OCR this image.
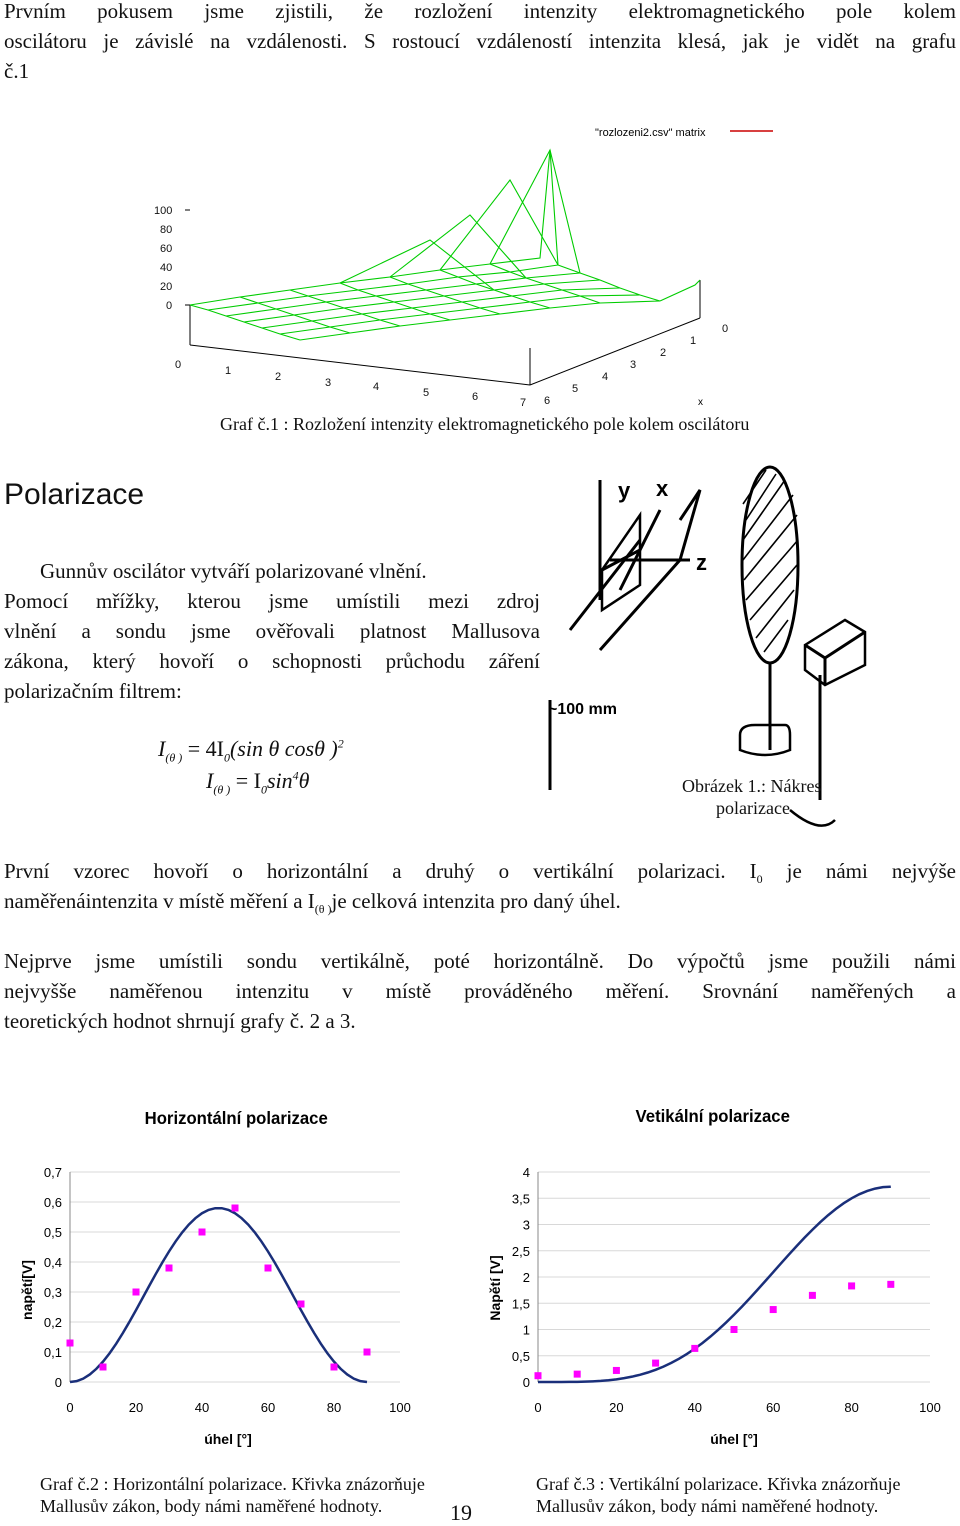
Prvním pokusem jsme zjistili, že rozložení intenzity elektromagnetického pole kolem
oscilátoru je závislé na vzdálenosti. S rostoucí vzdáleností intenzita klesá, jak je vidět na grafu
č.1
"rozlozeni2.csv" matrix
100
80
60
40
20
0
0	1	2	3	4	5	6	7
0
1
2
3
4
5
6	x
Graf č.1 : Rozložení intenzity elektromagnetického pole kolem oscilátoru
Polarizace
Gunnův oscilátor vytváří polarizované vlnění.
Pomocí mřížky, kterou jsme umístili mezi zdroj
vlnění a sondu jsme ověřovali platnost Mallusova
zákona, který hovoří o schopnosti průchodu záření
polarizačním filtrem:
$I_{(\theta )} = 4I_0(\sin$ θ cosθ )$^2$
$I_{(\theta )} = I_0\sin^4\theta$
y x
z
~100 mm
Obrázek 1.: Nákres
polarizace
První vzorec hovoří o horizontální a druhý o vertikální polarizaci. $I_0$ je námi nejvýše
naměřenáintenzita v místě měření a $I_{(\theta )}je$ celková intenzita pro daný úhel.
Nejprve jsme umístili sondu vertikálně, poté horizontálně. Do výpočtů jsme použili námi
nejvyšše naměřenou intenzitu v místě prováděného měření. Srovnání naměřených a
teoretických hodnot shrnují grafy č. 2 a 3.
Horizontální polarizace
napětí[V]
úhel [°]
0
0,1
0,2
0,3
0,4
0,5
0,6
0,7
0	20	40	60	80	100
Vetikální polarizace
Napětí [V]
úhel [°]
0
0,5
1
1,5
2
2,5
3
3,5
4
0	20	40	60	80	100
Graf č.2 : Horizontální polarizace. Křivka znázorňuje
Mallusův zákon, body námi naměřené hodnoty.
Graf č.3 : Vertikální polarizace. Křivka znázorňuje
Mallusův zákon, body námi naměřené hodnoty.
19
